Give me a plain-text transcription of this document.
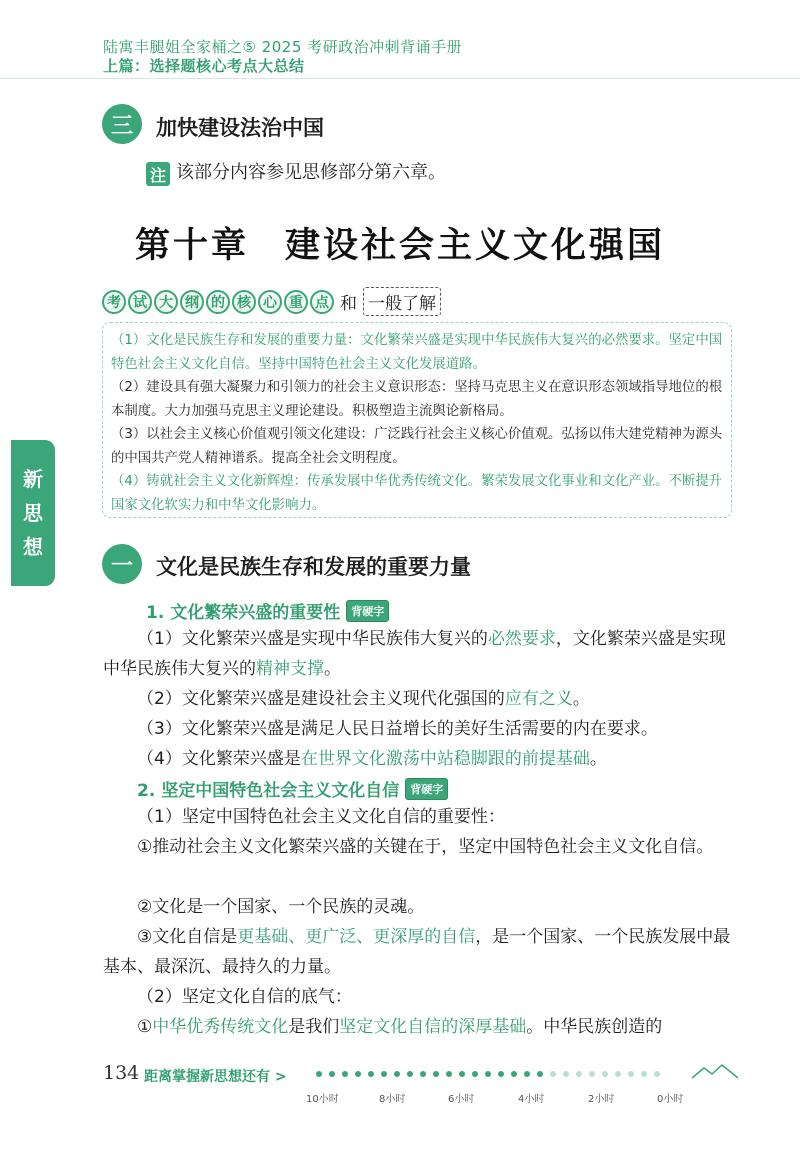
陆寓丰腿姐全家桶之⑤ 2025 考研政治冲刺背诵手册
上篇：选择题核心考点大总结
三	加快建设法治中国
注 该部分内容参见思修部分第六章。
第十章 建设社会主义文化强国
考 试 大 纲 的 核 心 重 点 和 一般了解
（1）文化是民族生存和发展的重要力量：文化繁荣兴盛是实现中华民族伟大复兴的必然要求。坚定中国特色社会主义文化自信。坚持中国特色社会主义文化发展道路。
（2）建设具有强大凝聚力和引领力的社会主义意识形态：坚持马克思主义在意识形态领域指导地位的根本制度。大力加强马克思主义理论建设。积极塑造主流舆论新格局。
（3）以社会主义核心价值观引领文化建设：广泛践行社会主义核心价值观。弘扬以伟大建党精神为源头的中国共产党人精神谱系。提高全社会文明程度。
（4）铸就社会主义文化新辉煌：传承发展中华优秀传统文化。繁荣发展文化事业和文化产业。不断提升国家文化软实力和中华文化影响力。
新
思
想
一	文化是民族生存和发展的重要力量
1. 文化繁荣兴盛的重要性	背硬字
（1）文化繁荣兴盛是实现中华民族伟大复兴的必然要求，文化繁荣兴盛是实现中华民族伟大复兴的精神支撑。
（2）文化繁荣兴盛是建设社会主义现代化强国的应有之义。
（3）文化繁荣兴盛是满足人民日益增长的美好生活需要的内在要求。
（4）文化繁荣兴盛是在世界文化激荡中站稳脚跟的前提基础。
2. 坚定中国特色社会主义文化自信	背硬字
（1）坚定中国特色社会主义文化自信的重要性：
①推动社会主义文化繁荣兴盛的关键在于，坚定中国特色社会主义文化自信。
②文化是一个国家、一个民族的灵魂。
③文化自信是更基础、更广泛、更深厚的自信，是一个国家、一个民族发展中最基本、最深沉、最持久的力量。
（2）坚定文化自信的底气：
①中华优秀传统文化是我们坚定文化自信的深厚基础。中华民族创造的
134 距离掌握新思想还有 >
10小时	8小时	6小时	4小时	2小时	0小时
